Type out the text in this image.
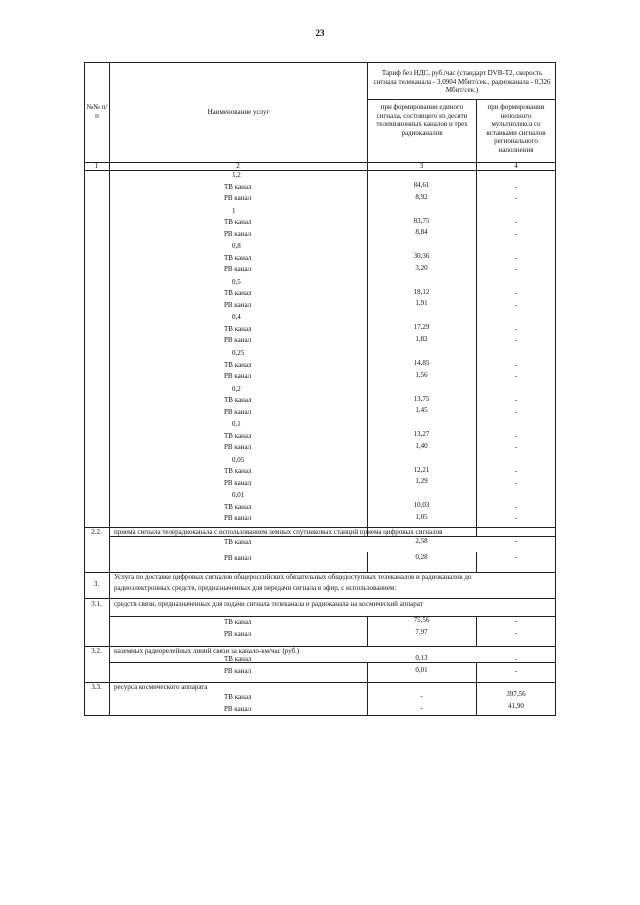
23
№№ п/п	Наименование услуг
Тариф без НДС, руб./час (стандарт DVB-T2, скорость сигнала телеканала - 3,0904 Мбит/сек., радиоканала - 0,326 Мбит/сек.)
при формировании единого сигнала, состоящего из десяти телевизионных каналов и трех радиоканалов
при формировании неполного мультиплекса со вставками сигналов регионального наполнения
1	2	3	4
1,2
ТВ канал	84,61	-
РВ канал	8,92	-
1
ТВ канал	83,75	-
РВ канал	8,84	-
0,8
ТВ канал	30,36	-
РВ канал	3,20	-
0,5
ТВ канал	18,12	-
РВ канал	1,91	-
0,4
ТВ канал	17,29	-
РВ канал	1,82	-
0,25
ТВ канал	14,85	-
РВ канал	1,56	-
0,2
ТВ канал	13,75	-
РВ канал	1,45	-
0,1
ТВ канал	13,27	-
РВ канал	1,40	-
0,05
ТВ канал	12,21	-
РВ канал	1,29	-
0,01
ТВ канал	10,03	-
РВ канал	1,05	-
2.2.	приема сигнала телерадиоканала с использованием земных спутниковых станций приема цифровых сигналов
ТВ канал	2,58	-
РВ канал	0,28	-
3.
Услуга по доставке цифровых сигналов общероссийских обязательных общедоступных телеканалов и радиоканалов до
радиоэлектронных средств, предназначенных для передачи сигнала в эфир, с использованием:
3.1.	средств связи, предназначенных для подачи сигнала телеканала и радиоканала на космический аппарат
ТВ канал	75,56	-
РВ канал	7,97	-
3.2.	наземных радиорелейных линий связи за канало-км/час (руб.)
ТВ канал	0,13	-
РВ канал	0,01	-
3.3.	ресурса космического аппарата
ТВ канал	-	397,56
РВ канал	-	41,90
